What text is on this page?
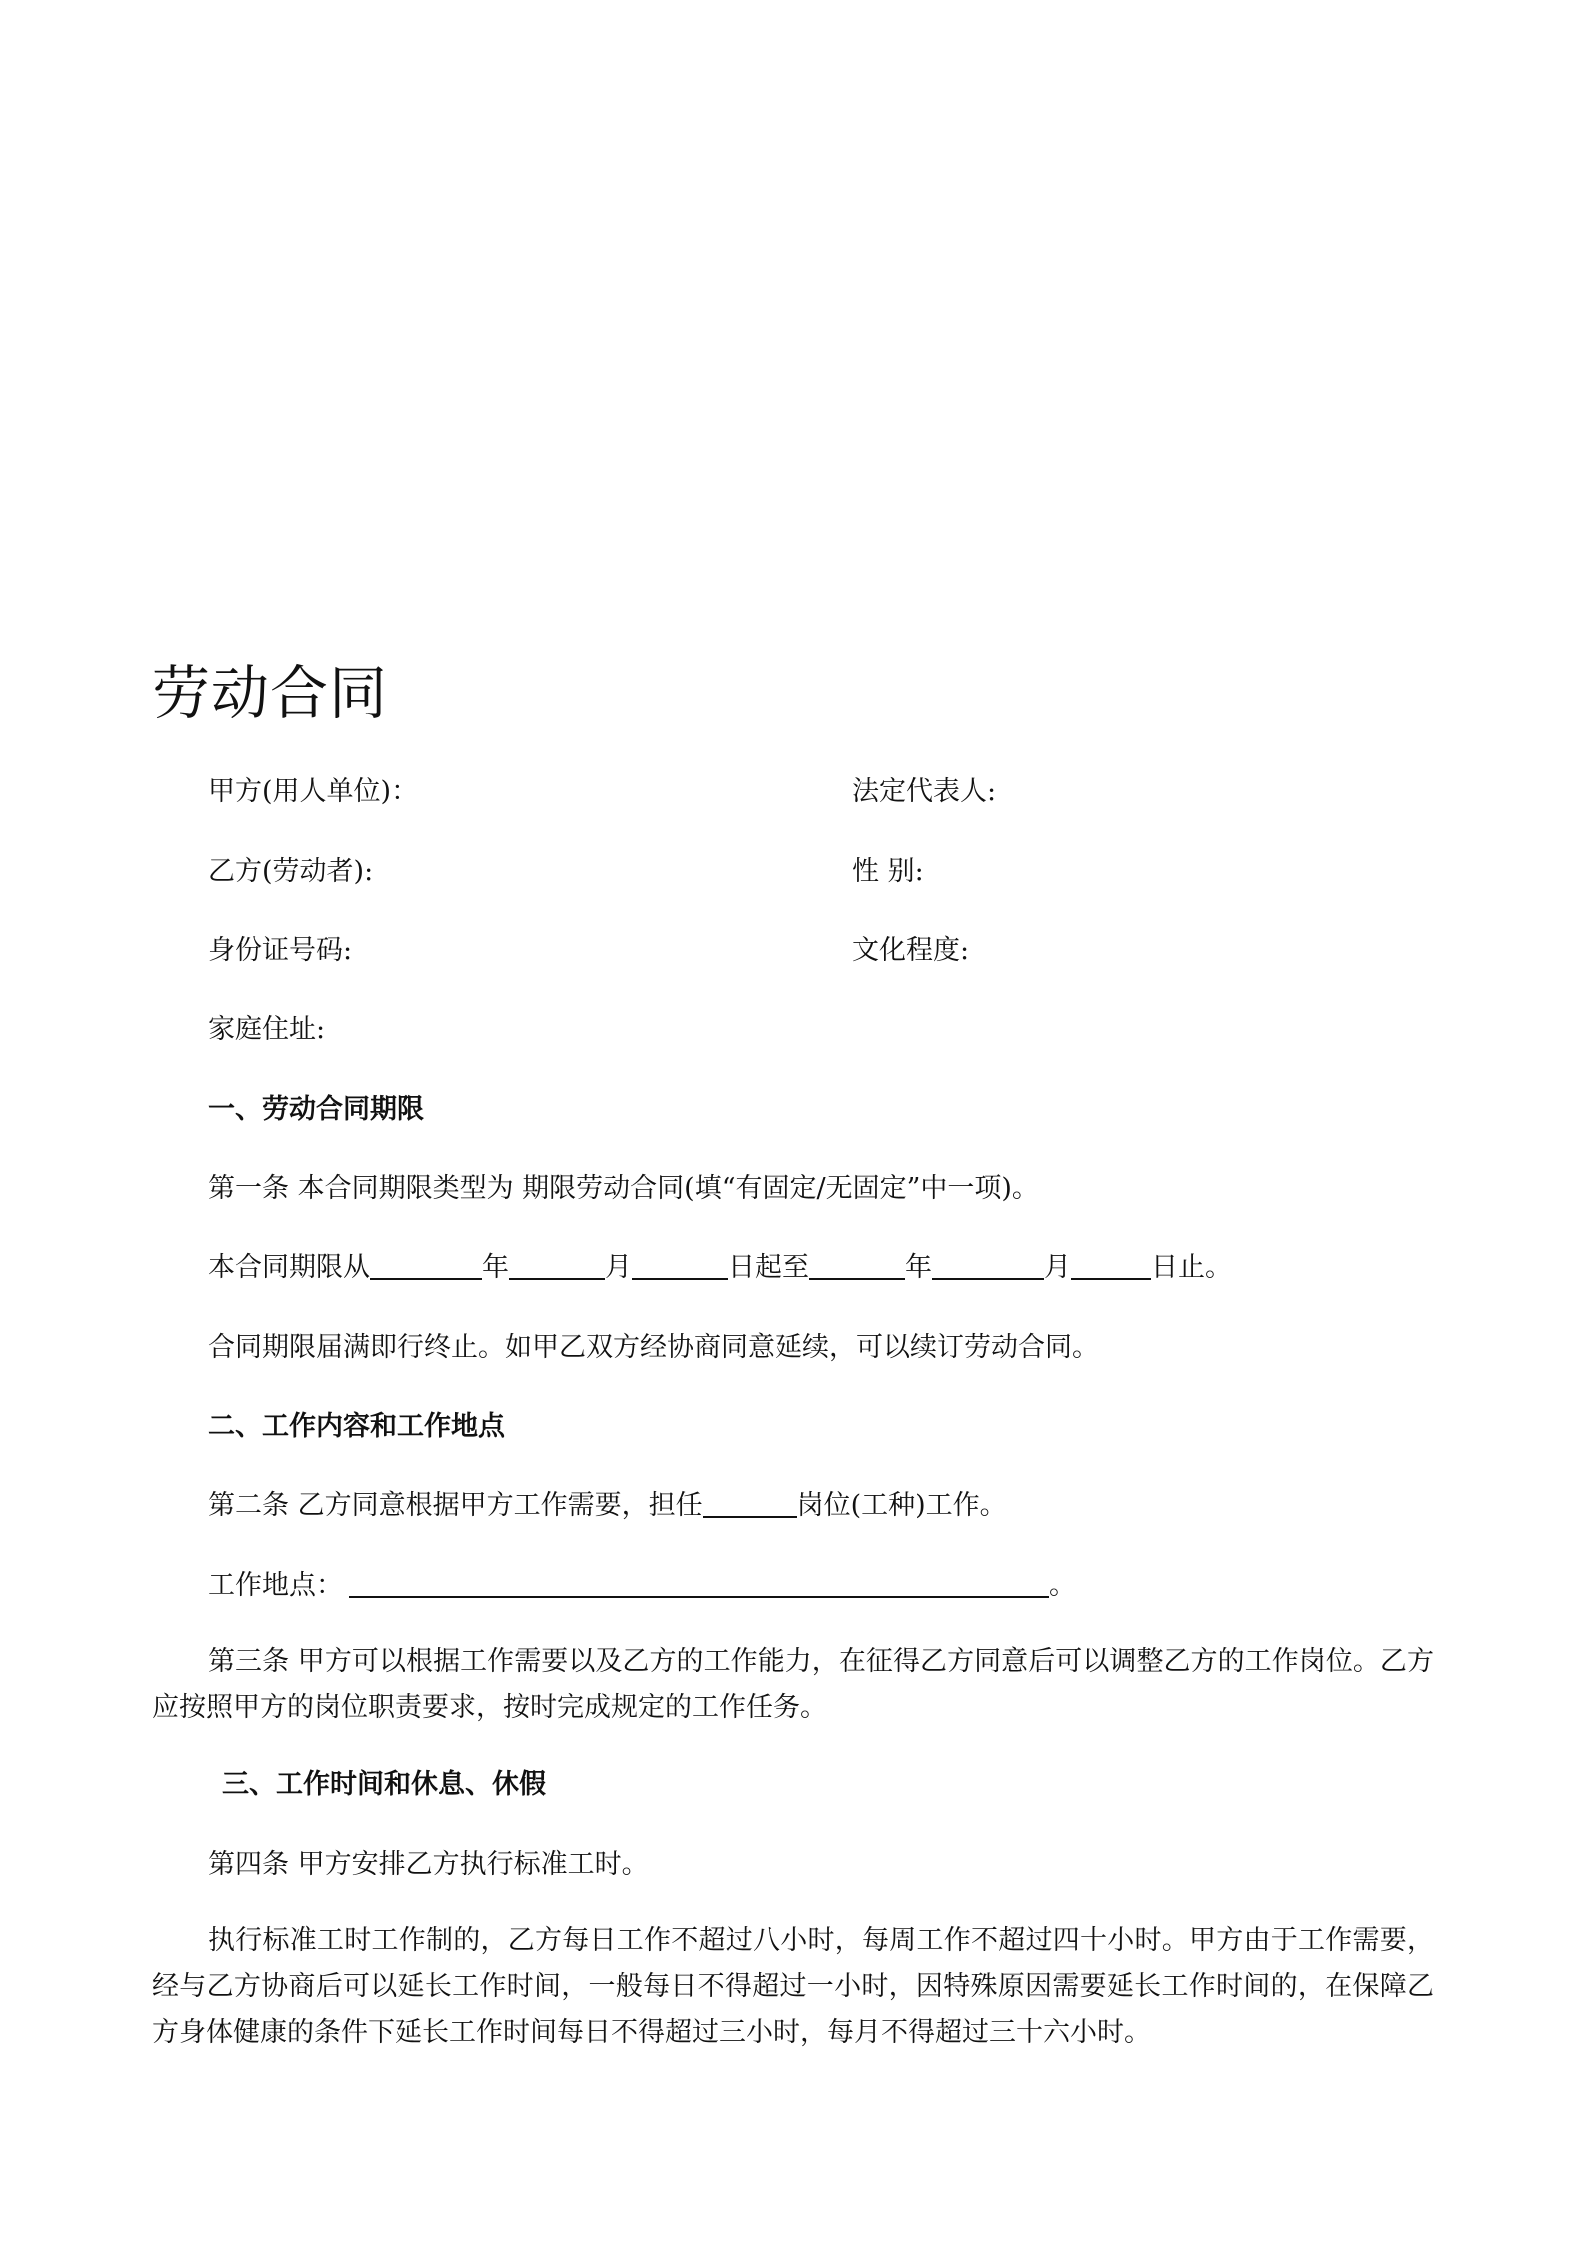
劳动合同
甲方(用人单位)：	法定代表人:
乙方(劳动者):	性 别:
身份证号码:	文化程度:
家庭住址:
一、劳动合同期限
第一条 本合同期限类型为 期限劳动合同(填“有固定/无固定”中一项)。
本合同期限从	年	月	日起至	年	月	日止。
合同期限届满即行终止。如甲乙双方经协商同意延续，可以续订劳动合同。
二、工作内容和工作地点
第二条 乙方同意根据甲方工作需要，担任	岗位(工种)工作。
工作地点：	。
第三条 甲方可以根据工作需要以及乙方的工作能力，在征得乙方同意后可以调整乙方的工作岗位。乙方应按照甲方的岗位职责要求，按时完成规定的工作任务。
三、工作时间和休息、休假
第四条 甲方安排乙方执行标准工时。
执行标准工时工作制的，乙方每日工作不超过八小时，每周工作不超过四十小时。甲方由于工作需要，经与乙方协商后可以延长工作时间，一般每日不得超过一小时，因特殊原因需要延长工作时间的，在保障乙方身体健康的条件下延长工作时间每日不得超过三小时，每月不得超过三十六小时。
